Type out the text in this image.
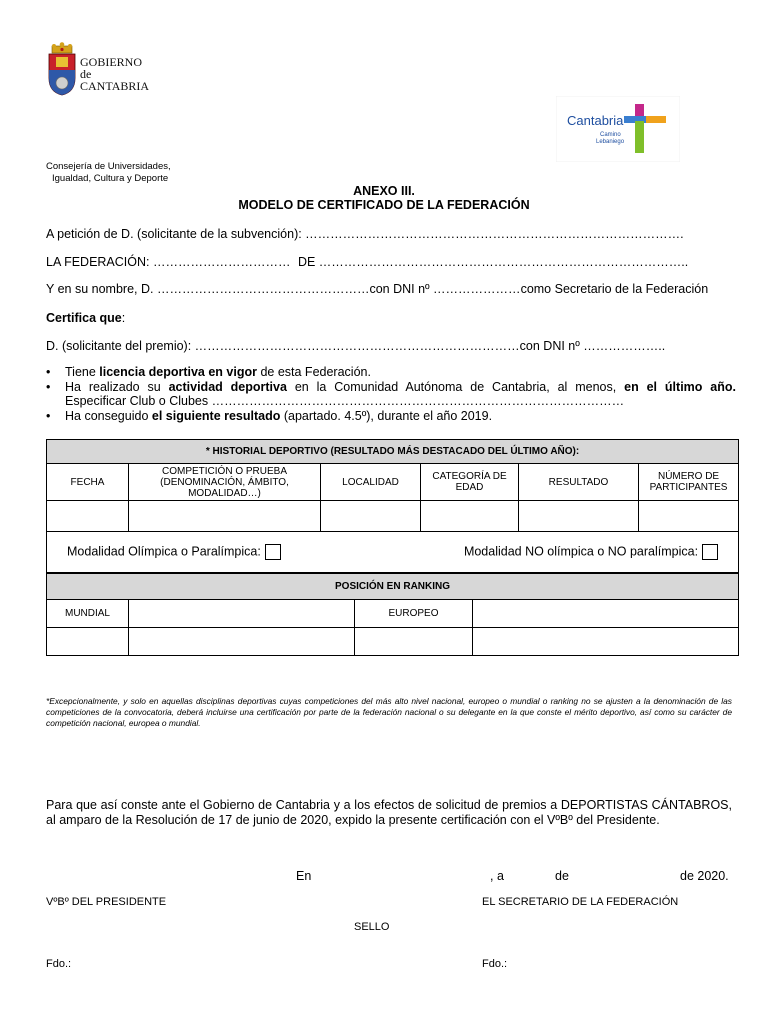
GOBIERNO
de
CANTABRIA
Cantabria
Camino
Lebaniego
Consejería de Universidades,
Igualdad, Cultura y Deporte
ANEXO III.
MODELO DE CERTIFICADO DE LA FEDERACIÓN
A petición de D. (solicitante de la subvención): ……………………………………………………………………………….
LA FEDERACIÓN: …………………………… DE ……………………………………………………………………………..
Y en su nombre, D. ……………………………………………con DNI nº …………………como Secretario de la Federación
Certifica que:
D. (solicitante del premio): ……………………………………………………………………con DNI nº ………………..
• Tiene licencia deportiva en vigor de esta Federación.
• Ha realizado su actividad deportiva en la Comunidad Autónoma de Cantabria, al menos, en el último año.
Especificar Club o Clubes ………………………………………………………………………………………
• Ha conseguido el siguiente resultado (apartado. 4.5º), durante el año 2019.
* HISTORIAL DEPORTIVO (RESULTADO MÁS DESTACADO DEL ÚLTIMO AÑO):					
FECHA	COMPETICIÓN O PRUEBA (DENOMINACIÓN, ÁMBITO, MODALIDAD…)	LOCALIDAD	CATEGORÍA DE EDAD	RESULTADO	NÚMERO DE PARTICIPANTES

Modalidad Olímpica o Paralímpica: Modalidad NO olímpica o NO paralímpica:					
POSICIÓN EN RANKING			
MUNDIAL		EUROPEO	

*Excepcionalmente, y solo en aquellas disciplinas deportivas cuyas competiciones del más alto nivel nacional, europeo o mundial o ranking no se ajusten a la denominación de las competiciones de la convocatoria, deberá incluirse una certificación por parte de la federación nacional o su delegante en la que conste el mérito deportivo, así como su carácter de competición nacional, europea o mundial.
Para que así conste ante el Gobierno de Cantabria y a los efectos de solicitud de premios a DEPORTISTAS CÁNTABROS, al amparo de la Resolución de 17 de junio de 2020, expido la presente certificación con el VºBº del Presidente.
En	, a	de	de 2020.
VºBº DEL PRESIDENTE	EL SECRETARIO DE LA FEDERACIÓN
SELLO
Fdo.:	Fdo.:
